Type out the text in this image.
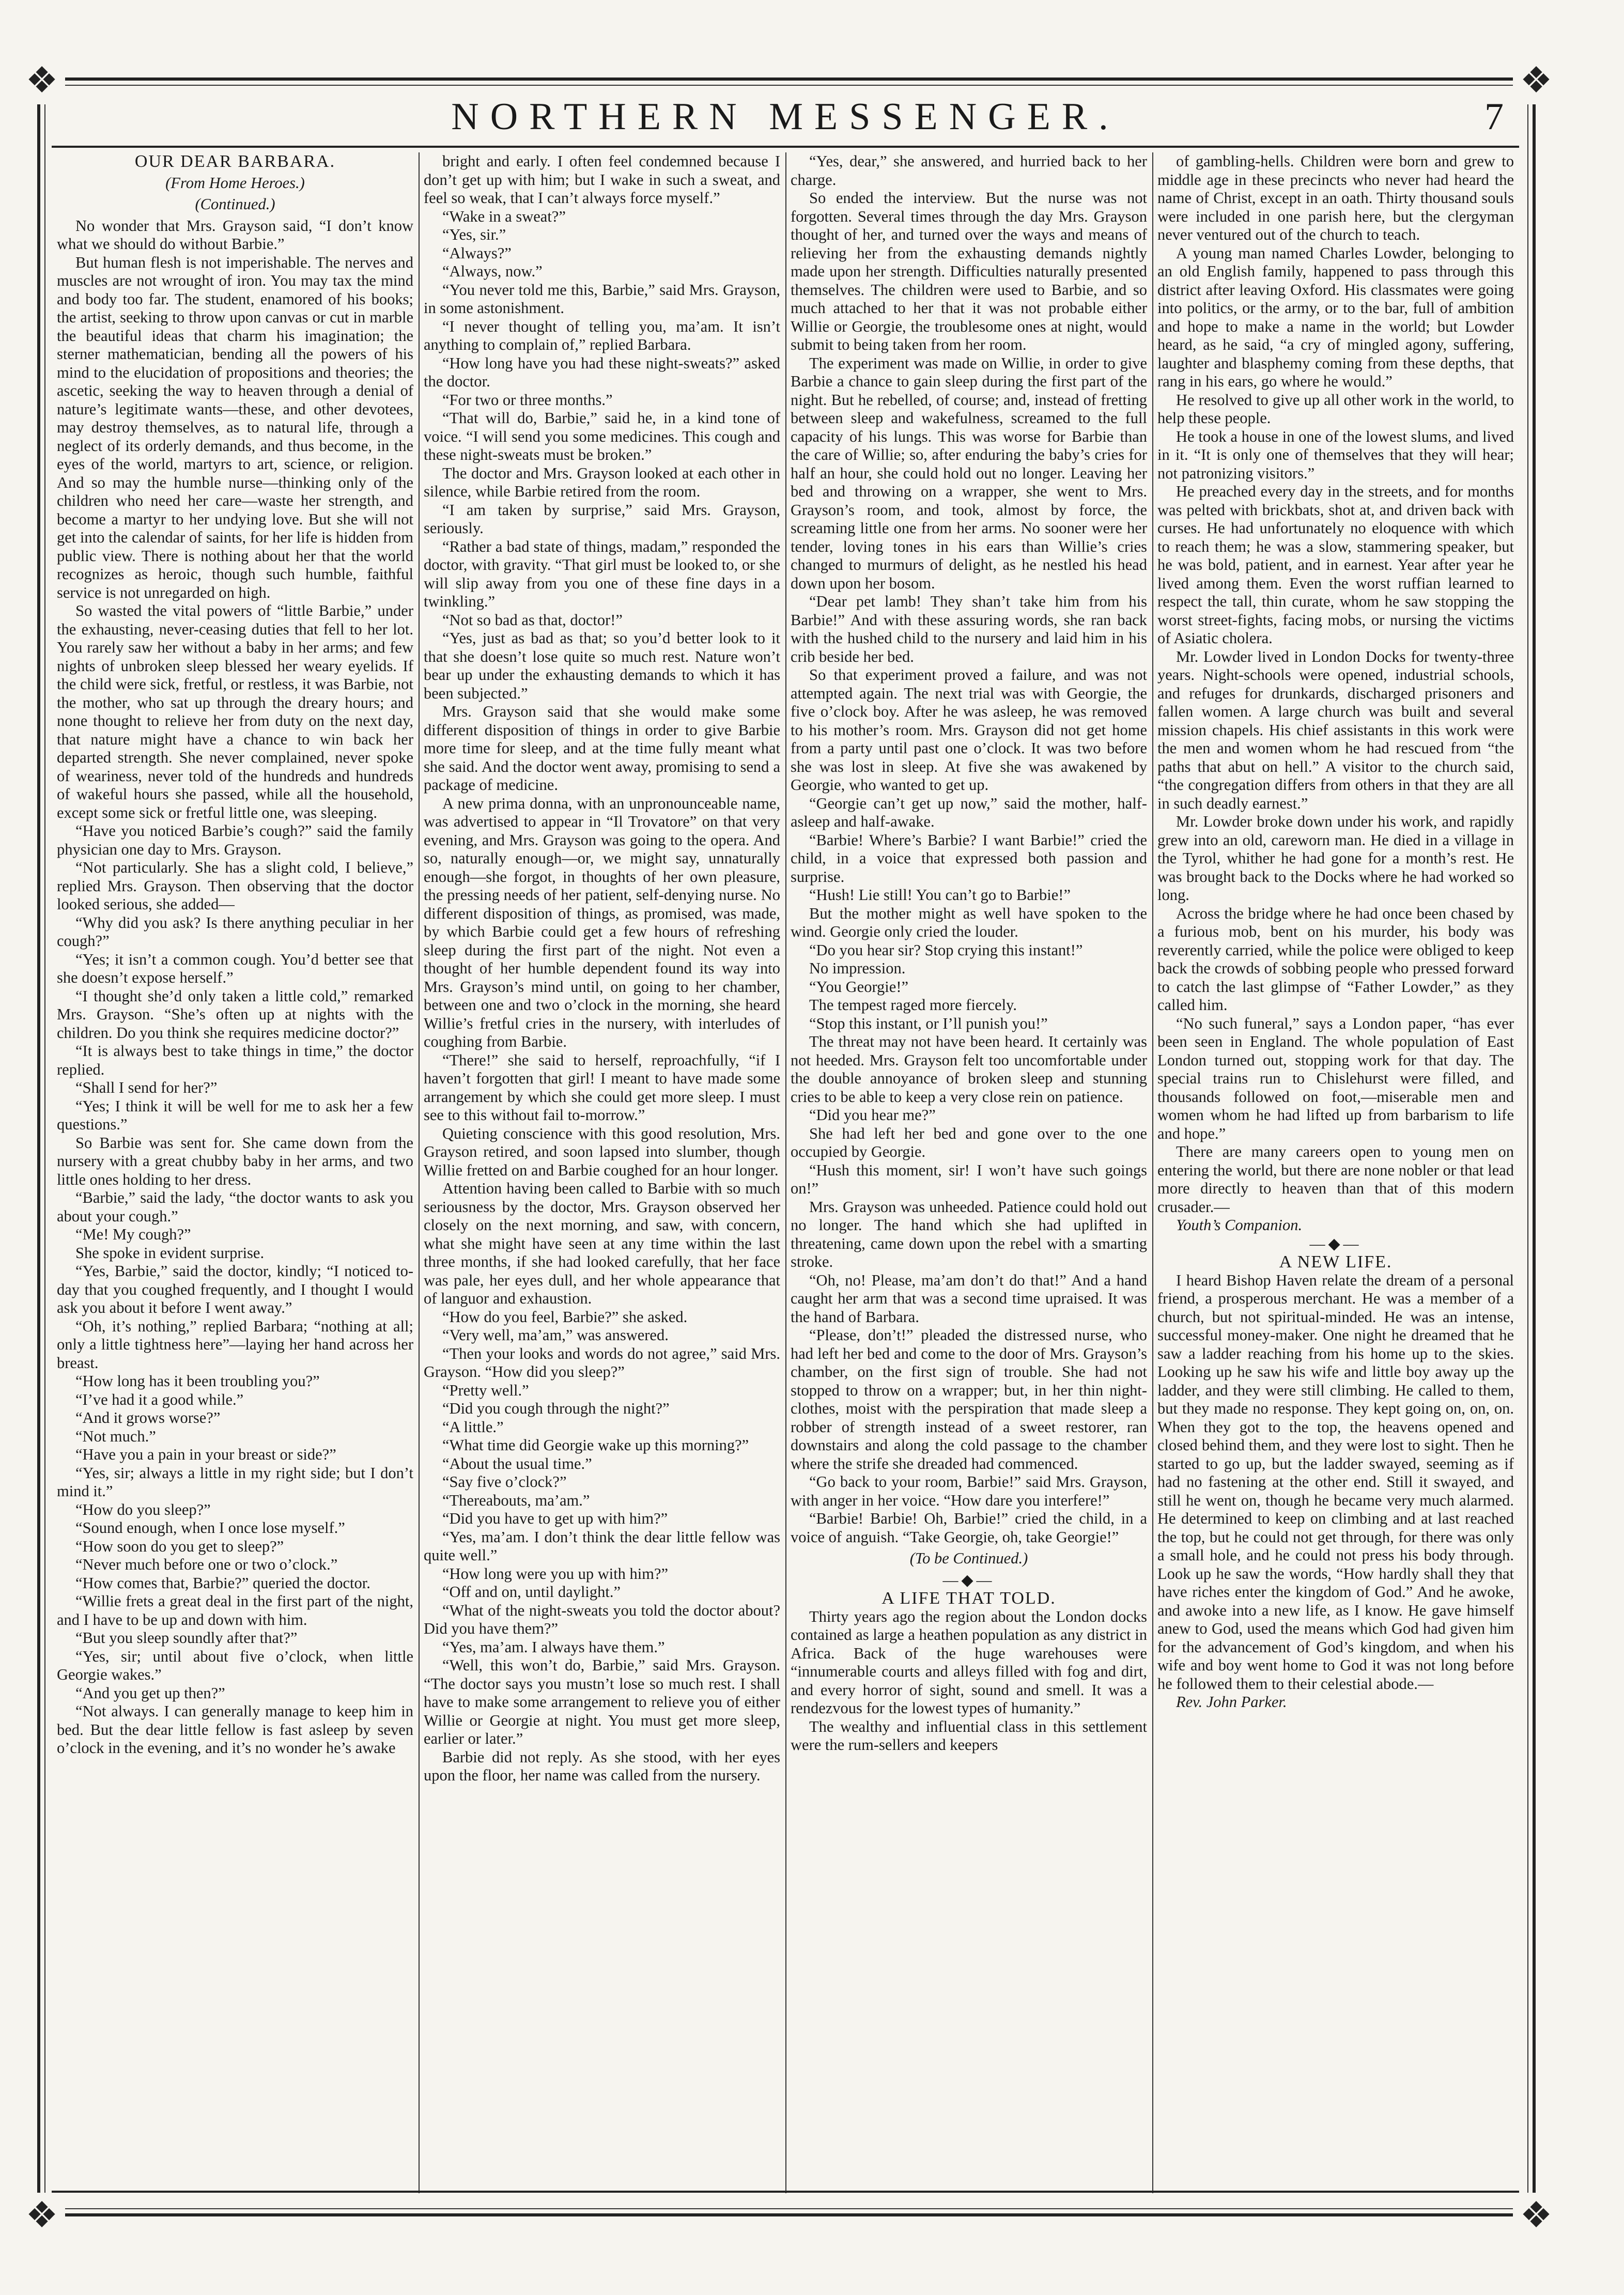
❖	❖
❖	❖
NORTHERN MESSENGER.	7

OUR DEAR BARBARA.

(From Home Heroes.)

(Continued.)

No wonder that Mrs. Grayson said, “I don’t know what we should do without Barbie.”

But human flesh is not imperishable. The nerves and muscles are not wrought of iron. You may tax the mind and body too far. The student, enamored of his books; the artist, seeking to throw upon canvas or cut in marble the beautiful ideas that charm his imagination; the sterner mathematician, bending all the powers of his mind to the elucidation of propositions and theories; the ascetic, seeking the way to heaven through a denial of nature’s legitimate wants—these, and other devotees, may destroy themselves, as to natural life, through a neglect of its orderly demands, and thus become, in the eyes of the world, martyrs to art, science, or religion. And so may the humble nurse—thinking only of the children who need her care—waste her strength, and become a martyr to her undying love. But she will not get into the calendar of saints, for her life is hidden from public view. There is nothing about her that the world recognizes as heroic, though such humble, faithful service is not unregarded on high.

So wasted the vital powers of “little Barbie,” under the exhausting, never-ceasing duties that fell to her lot. You rarely saw her without a baby in her arms; and few nights of unbroken sleep blessed her weary eyelids. If the child were sick, fretful, or restless, it was Barbie, not the mother, who sat up through the dreary hours; and none thought to relieve her from duty on the next day, that nature might have a chance to win back her departed strength. She never complained, never spoke of weariness, never told of the hundreds and hundreds of wakeful hours she passed, while all the household, except some sick or fretful little one, was sleeping.

“Have you noticed Barbie’s cough?” said the family physician one day to Mrs. Grayson.

“Not particularly. She has a slight cold, I believe,” replied Mrs. Grayson. Then observing that the doctor looked serious, she added—

“Why did you ask? Is there anything peculiar in her cough?”

“Yes; it isn’t a common cough. You’d better see that she doesn’t expose herself.”

“I thought she’d only taken a little cold,” remarked Mrs. Grayson. “She’s often up at nights with the children. Do you think she requires medicine doctor?”

“It is always best to take things in time,” the doctor replied.

“Shall I send for her?”

“Yes; I think it will be well for me to ask her a few questions.”

So Barbie was sent for. She came down from the nursery with a great chubby baby in her arms, and two little ones holding to her dress.

“Barbie,” said the lady, “the doctor wants to ask you about your cough.”

“Me! My cough?”

She spoke in evident surprise.

“Yes, Barbie,” said the doctor, kindly; “I noticed to-day that you coughed frequently, and I thought I would ask you about it before I went away.”

“Oh, it’s nothing,” replied Barbara; “nothing at all; only a little tightness here”—laying her hand across her breast.

“How long has it been troubling you?”

“I’ve had it a good while.”

“And it grows worse?”

“Not much.”

“Have you a pain in your breast or side?”

“Yes, sir; always a little in my right side; but I don’t mind it.”

“How do you sleep?”

“Sound enough, when I once lose myself.”

“How soon do you get to sleep?”

“Never much before one or two o’clock.”

“How comes that, Barbie?” queried the doctor.

“Willie frets a great deal in the first part of the night, and I have to be up and down with him.

“But you sleep soundly after that?”

“Yes, sir; until about five o’clock, when little Georgie wakes.”

“And you get up then?”

“Not always. I can generally manage to keep him in bed. But the dear little fellow is fast asleep by seven o’clock in the evening, and it’s no wonder he’s awake

bright and early. I often feel condemned because I don’t get up with him; but I wake in such a sweat, and feel so weak, that I can’t always force myself.”

“Wake in a sweat?”

“Yes, sir.”

“Always?”

“Always, now.”

“You never told me this, Barbie,” said Mrs. Grayson, in some astonishment.

“I never thought of telling you, ma’am. It isn’t anything to complain of,” replied Barbara.

“How long have you had these night-sweats?” asked the doctor.

“For two or three months.”

“That will do, Barbie,” said he, in a kind tone of voice. “I will send you some medicines. This cough and these night-sweats must be broken.”

The doctor and Mrs. Grayson looked at each other in silence, while Barbie retired from the room.

“I am taken by surprise,” said Mrs. Grayson, seriously.

“Rather a bad state of things, madam,” responded the doctor, with gravity. “That girl must be looked to, or she will slip away from you one of these fine days in a twinkling.”

“Not so bad as that, doctor!”

“Yes, just as bad as that; so you’d better look to it that she doesn’t lose quite so much rest. Nature won’t bear up under the exhausting demands to which it has been subjected.”

Mrs. Grayson said that she would make some different disposition of things in order to give Barbie more time for sleep, and at the time fully meant what she said. And the doctor went away, promising to send a package of medicine.

A new prima donna, with an unpronounceable name, was advertised to appear in “Il Trovatore” on that very evening, and Mrs. Grayson was going to the opera. And so, naturally enough—or, we might say, unnaturally enough—she forgot, in thoughts of her own pleasure, the pressing needs of her patient, self-denying nurse. No different disposition of things, as promised, was made, by which Barbie could get a few hours of refreshing sleep during the first part of the night. Not even a thought of her humble dependent found its way into Mrs. Grayson’s mind until, on going to her chamber, between one and two o’clock in the morning, she heard Willie’s fretful cries in the nursery, with interludes of coughing from Barbie.

“There!” she said to herself, reproachfully, “if I haven’t forgotten that girl! I meant to have made some arrangement by which she could get more sleep. I must see to this without fail to-morrow.”

Quieting conscience with this good resolution, Mrs. Grayson retired, and soon lapsed into slumber, though Willie fretted on and Barbie coughed for an hour longer.

Attention having been called to Barbie with so much seriousness by the doctor, Mrs. Grayson observed her closely on the next morning, and saw, with concern, what she might have seen at any time within the last three months, if she had looked carefully, that her face was pale, her eyes dull, and her whole appearance that of languor and exhaustion.

“How do you feel, Barbie?” she asked.

“Very well, ma’am,” was answered.

“Then your looks and words do not agree,” said Mrs. Grayson. “How did you sleep?”

“Pretty well.”

“Did you cough through the night?”

“A little.”

“What time did Georgie wake up this morning?”

“About the usual time.”

“Say five o’clock?”

“Thereabouts, ma’am.”

“Did you have to get up with him?”

“Yes, ma’am. I don’t think the dear little fellow was quite well.”

“How long were you up with him?”

“Off and on, until daylight.”

“What of the night-sweats you told the doctor about? Did you have them?”

“Yes, ma’am. I always have them.”

“Well, this won’t do, Barbie,” said Mrs. Grayson. “The doctor says you mustn’t lose so much rest. I shall have to make some arrangement to relieve you of either Willie or Georgie at night. You must get more sleep, earlier or later.”

Barbie did not reply. As she stood, with her eyes upon the floor, her name was called from the nursery.

“Yes, dear,” she answered, and hurried back to her charge.

So ended the interview. But the nurse was not forgotten. Several times through the day Mrs. Grayson thought of her, and turned over the ways and means of relieving her from the exhausting demands nightly made upon her strength. Difficulties naturally presented themselves. The children were used to Barbie, and so much attached to her that it was not probable either Willie or Georgie, the troublesome ones at night, would submit to being taken from her room.

The experiment was made on Willie, in order to give Barbie a chance to gain sleep during the first part of the night. But he rebelled, of course; and, instead of fretting between sleep and wakefulness, screamed to the full capacity of his lungs. This was worse for Barbie than the care of Willie; so, after enduring the baby’s cries for half an hour, she could hold out no longer. Leaving her bed and throwing on a wrapper, she went to Mrs. Grayson’s room, and took, almost by force, the screaming little one from her arms. No sooner were her tender, loving tones in his ears than Willie’s cries changed to murmurs of delight, as he nestled his head down upon her bosom.

“Dear pet lamb! They shan’t take him from his Barbie!” And with these assuring words, she ran back with the hushed child to the nursery and laid him in his crib beside her bed.

So that experiment proved a failure, and was not attempted again. The next trial was with Georgie, the five o’clock boy. After he was asleep, he was removed to his mother’s room. Mrs. Grayson did not get home from a party until past one o’clock. It was two before she was lost in sleep. At five she was awakened by Georgie, who wanted to get up.

“Georgie can’t get up now,” said the mother, half-asleep and half-awake.

“Barbie! Where’s Barbie? I want Barbie!” cried the child, in a voice that expressed both passion and surprise.

“Hush! Lie still! You can’t go to Barbie!”

But the mother might as well have spoken to the wind. Georgie only cried the louder.

“Do you hear sir? Stop crying this instant!”

No impression.

“You Georgie!”

The tempest raged more fiercely.

“Stop this instant, or I’ll punish you!”

The threat may not have been heard. It certainly was not heeded. Mrs. Grayson felt too uncomfortable under the double annoyance of broken sleep and stunning cries to be able to keep a very close rein on patience.

“Did you hear me?”

She had left her bed and gone over to the one occupied by Georgie.

“Hush this moment, sir! I won’t have such goings on!”

Mrs. Grayson was unheeded. Patience could hold out no longer. The hand which she had uplifted in threatening, came down upon the rebel with a smarting stroke.

“Oh, no! Please, ma’am don’t do that!” And a hand caught her arm that was a second time upraised. It was the hand of Barbara.

“Please, don’t!” pleaded the distressed nurse, who had left her bed and come to the door of Mrs. Grayson’s chamber, on the first sign of trouble. She had not stopped to throw on a wrapper; but, in her thin night-clothes, moist with the perspiration that made sleep a robber of strength instead of a sweet restorer, ran downstairs and along the cold passage to the chamber where the strife she dreaded had commenced.

“Go back to your room, Barbie!” said Mrs. Grayson, with anger in her voice. “How dare you interfere!”

“Barbie! Barbie! Oh, Barbie!” cried the child, in a voice of anguish. “Take Georgie, oh, take Georgie!”

(To be Continued.)

—◆—

A LIFE THAT TOLD.

Thirty years ago the region about the London docks contained as large a heathen population as any district in Africa. Back of the huge warehouses were “innumerable courts and alleys filled with fog and dirt, and every horror of sight, sound and smell. It was a rendezvous for the lowest types of humanity.”

The wealthy and influential class in this settlement were the rum-sellers and keepers

of gambling-hells. Children were born and grew to middle age in these precincts who never had heard the name of Christ, except in an oath. Thirty thousand souls were included in one parish here, but the clergyman never ventured out of the church to teach.

A young man named Charles Lowder, belonging to an old English family, happened to pass through this district after leaving Oxford. His classmates were going into politics, or the army, or to the bar, full of ambition and hope to make a name in the world; but Lowder heard, as he said, “a cry of mingled agony, suffering, laughter and blasphemy coming from these depths, that rang in his ears, go where he would.”

He resolved to give up all other work in the world, to help these people.

He took a house in one of the lowest slums, and lived in it. “It is only one of themselves that they will hear; not patronizing visitors.”

He preached every day in the streets, and for months was pelted with brickbats, shot at, and driven back with curses. He had unfortunately no eloquence with which to reach them; he was a slow, stammering speaker, but he was bold, patient, and in earnest. Year after year he lived among them. Even the worst ruffian learned to respect the tall, thin curate, whom he saw stopping the worst street-fights, facing mobs, or nursing the victims of Asiatic cholera.

Mr. Lowder lived in London Docks for twenty-three years. Night-schools were opened, industrial schools, and refuges for drunkards, discharged prisoners and fallen women. A large church was built and several mission chapels. His chief assistants in this work were the men and women whom he had rescued from “the paths that abut on hell.” A visitor to the church said, “the congregation differs from others in that they are all in such deadly earnest.”

Mr. Lowder broke down under his work, and rapidly grew into an old, careworn man. He died in a village in the Tyrol, whither he had gone for a month’s rest. He was brought back to the Docks where he had worked so long.

Across the bridge where he had once been chased by a furious mob, bent on his murder, his body was reverently carried, while the police were obliged to keep back the crowds of sobbing people who pressed forward to catch the last glimpse of “Father Lowder,” as they called him.

“No such funeral,” says a London paper, “has ever been seen in England. The whole population of East London turned out, stopping work for that day. The special trains run to Chislehurst were filled, and thousands followed on foot,—miserable men and women whom he had lifted up from barbarism to life and hope.”

There are many careers open to young men on entering the world, but there are none nobler or that lead more directly to heaven than that of this modern crusader.—

Youth’s Companion.

—◆—

A NEW LIFE.

I heard Bishop Haven relate the dream of a personal friend, a prosperous merchant. He was a member of a church, but not spiritual-minded. He was an intense, successful money-maker. One night he dreamed that he saw a ladder reaching from his home up to the skies. Looking up he saw his wife and little boy away up the ladder, and they were still climbing. He called to them, but they made no response. They kept going on, on, on. When they got to the top, the heavens opened and closed behind them, and they were lost to sight. Then he started to go up, but the ladder swayed, seeming as if had no fastening at the other end. Still it swayed, and still he went on, though he became very much alarmed. He determined to keep on climbing and at last reached the top, but he could not get through, for there was only a small hole, and he could not press his body through. Look up he saw the words, “How hardly shall they that have riches enter the kingdom of God.” And he awoke, and awoke into a new life, as I know. He gave himself anew to God, used the means which God had given him for the advancement of God’s kingdom, and when his wife and boy went home to God it was not long before he followed them to their celestial abode.—

Rev. John Parker.
